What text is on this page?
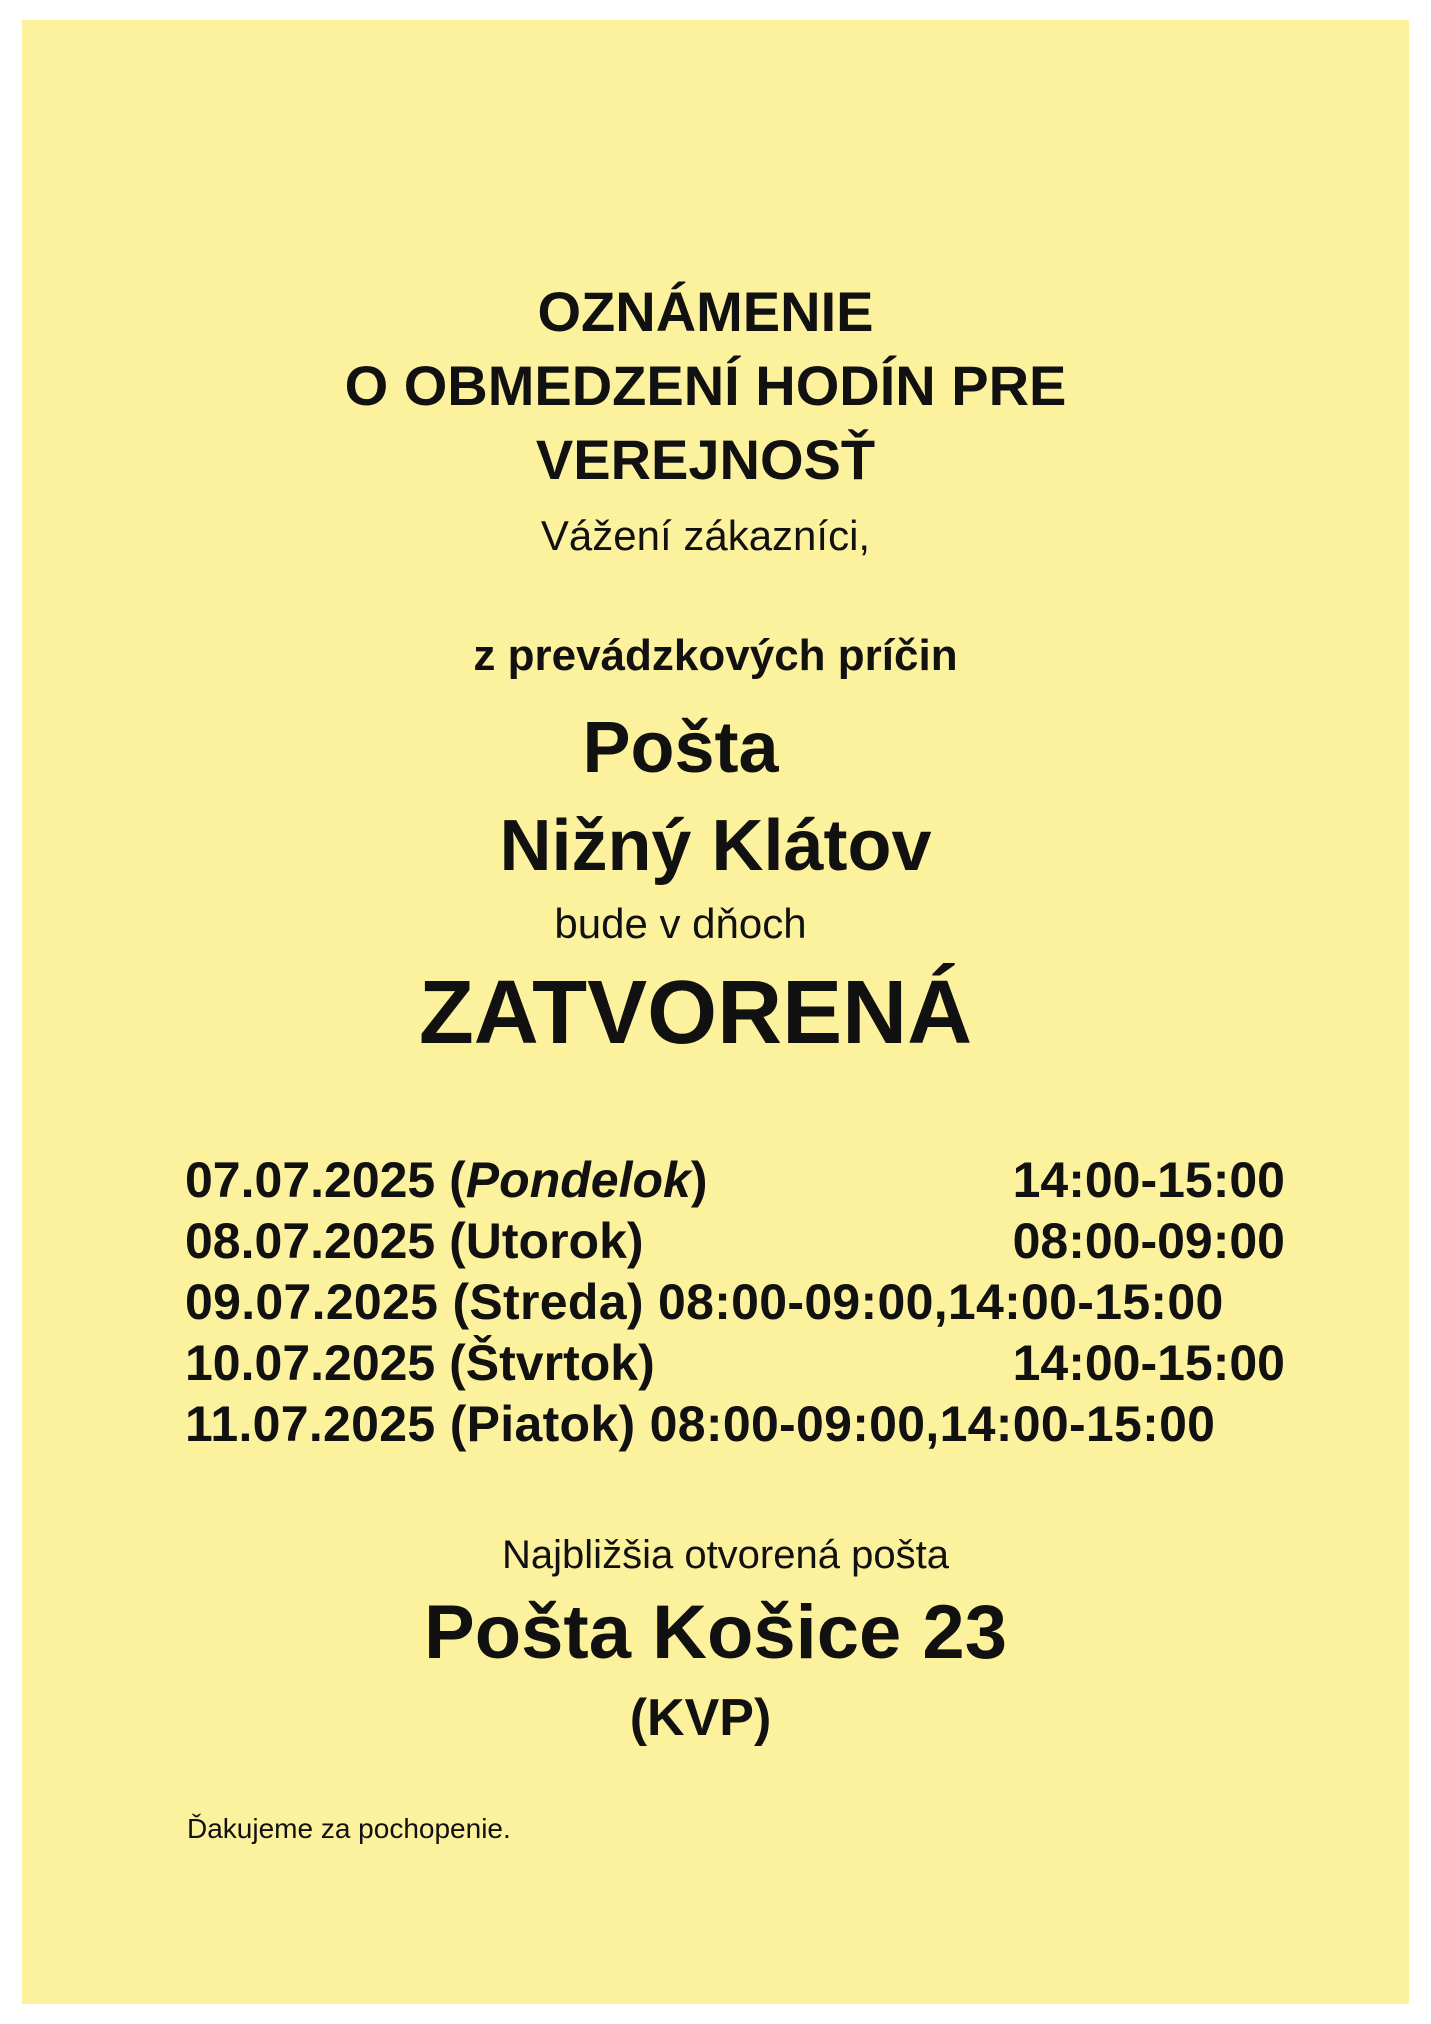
OZNÁMENIE
O OBMEDZENÍ HODÍN PRE
VEREJNOSŤ
Vážení zákazníci,
z prevádzkových príčin
Pošta
Nižný Klátov
bude v dňoch
ZATVORENÁ
07.07.2025 (Pondelok)	14:00-15:00
08.07.2025 (Utorok)	08:00-09:00
09.07.2025 (Streda) 08:00-09:00,14:00-15:00
10.07.2025 (Štvrtok)	14:00-15:00
11.07.2025 (Piatok) 08:00-09:00,14:00-15:00
Najbližšia otvorená pošta
Pošta Košice 23
(KVP)
Ďakujeme za pochopenie.
